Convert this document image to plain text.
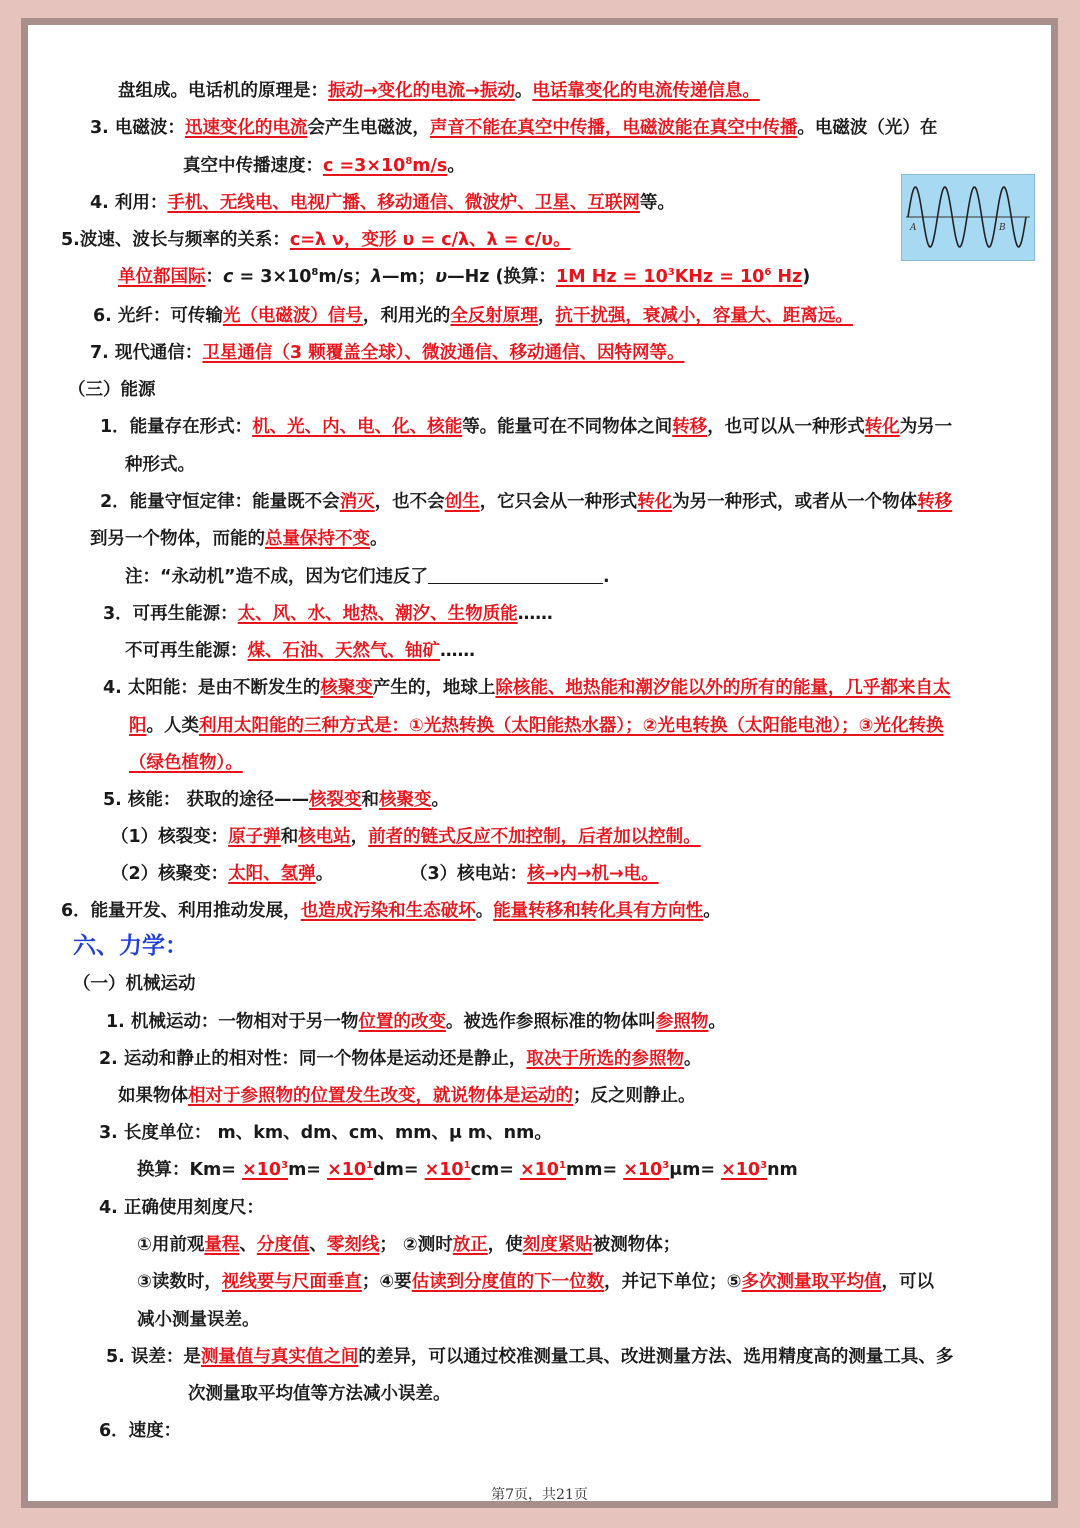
盘组成。电话机的原理是：振动→变化的电流→振动。电话靠变化的电流传递信息。
3. 电磁波：迅速变化的电流会产生电磁波，声音不能在真空中传播，电磁波能在真空中传播。电磁波（光）在
真空中传播速度：$c =3\times 10^8m/s$。
A	B
4. 利用：手机、无线电、电视广播、移动通信、微波炉、卫星、互联网等。
5.波速、波长与频率的关系：c=λ ν，变形 υ = c/λ、λ = c/υ。
单位都国际：$c = 3\times 10^8m/s$；λ—m；υ—Hz (换算：1M $Hz = 10^3KHz = 10^6$ Hz)
6. 光纤：可传输光（电磁波）信号，利用光的全反射原理，抗干扰强，衰减小，容量大、距离远。
7. 现代通信：卫星通信（3 颗覆盖全球）、微波通信、移动通信、因特网等。
（三）能源
1．能量存在形式：机、光、内、电、化、核能等。能量可在不同物体之间转移，也可以从一种形式转化为另一
种形式。
2．能量守恒定律：能量既不会消灭，也不会创生，它只会从一种形式转化为另一种形式，或者从一个物体转移
到另一个物体，而能的总量保持不变。
注：“永动机”造不成，因为它们违反了	.
3．可再生能源：太、风、水、地热、潮汐、生物质能……
不可再生能源：煤、石油、天然气、铀矿……
4. 太阳能：是由不断发生的核聚变产生的，地球上除核能、地热能和潮汐能以外的所有的能量，几乎都来自太
阳。人类利用太阳能的三种方式是：①光热转换（太阳能热水器）；②光电转换（太阳能电池）；③光化转换
（绿色植物）。
5. 核能： 获取的途径——核裂变和核聚变。
（1）核裂变：原子弹和核电站，前者的链式反应不加控制，后者加以控制。
（2）核聚变：太阳、氢弹。	（3）核电站：核→内→机→电。
6．能量开发、利用推动发展，也造成污染和生态破坏。能量转移和转化具有方向性。
六、力学：
（一）机械运动
1. 机械运动：一物相对于另一物位置的改变。被选作参照标准的物体叫参照物。
2. 运动和静止的相对性：同一个物体是运动还是静止，取决于所选的参照物。
如果物体相对于参照物的位置发生改变，就说物体是运动的；反之则静止。
3. 长度单位： m、km、dm、cm、mm、μ m、nm。
换算：$Km= \times 10^3m= \times 10^1dm= \times 10^1cm= \times 10^1mm= \times 10^3\mu m= \times 10^3nm$
4. 正确使用刻度尺：
①用前观量程、分度值、零刻线； ②测时放正，使刻度紧贴被测物体；
③读数时，视线要与尺面垂直；④要估读到分度值的下一位数，并记下单位；⑤多次测量取平均值，可以
减小测量误差。
5. 误差：是测量值与真实值之间的差异，可以通过校准测量工具、改进测量方法、选用精度高的测量工具、多
次测量取平均值等方法减小误差。
6．速度：
第7页，共21页
